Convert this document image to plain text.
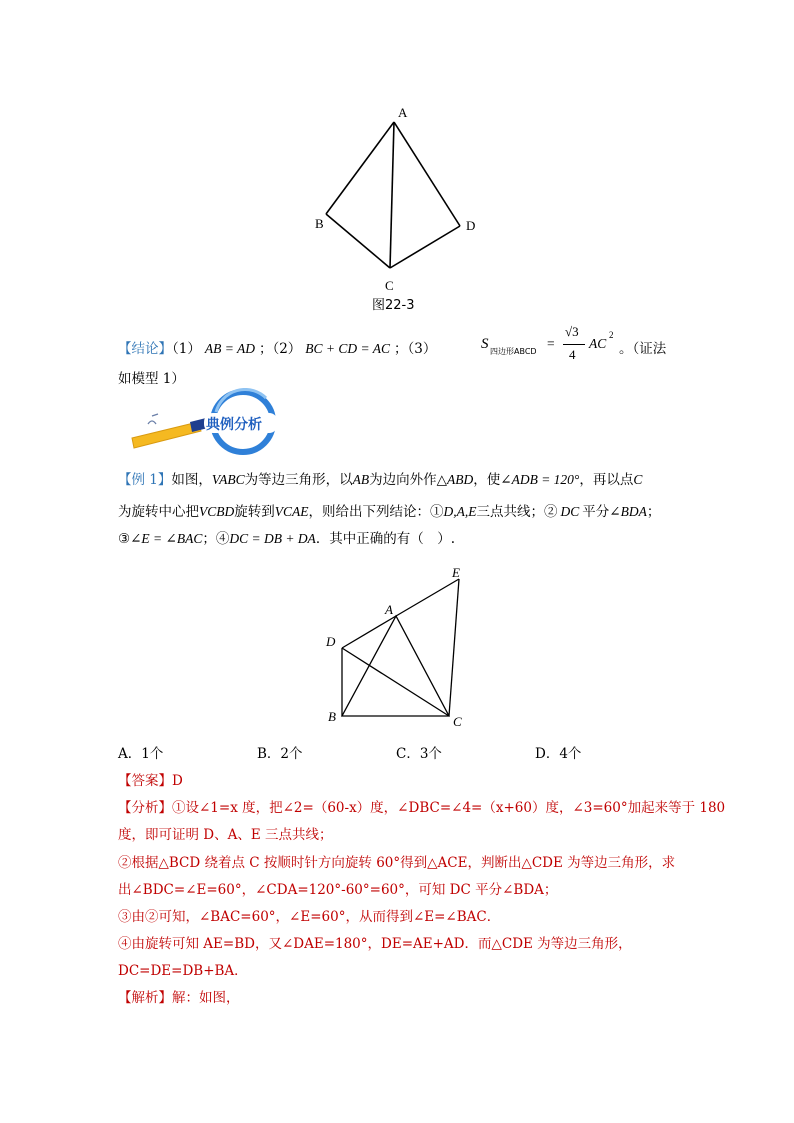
A
B
C
D
图22-3
【结论】（1） AB = AD ；（2） BC + CD = AC ；（3）	S 四边形ABCD
=
√3
4
AC
2
。（证法
如模型 1）
典例分析
【例 1】如图，VABC为等边三角形，以AB为边向外作△ABD，使∠ADB = 120°，再以点C
为旋转中心把VCBD旋转到VCAE，则给出下列结论：①D,A,E三点共线；② DC 平分∠BDA；
③∠E = ∠BAC；④DC = DB + DA．其中正确的有（　）.
A
B	C
D
E
A．1个	B．2个	C．3个	D．4个
【答案】D
【分析】①设∠1=x 度，把∠2=（60-x）度，∠DBC=∠4=（x+60）度，∠3=60°加起来等于 180
度，即可证明 D、A、E 三点共线；
②根据△BCD 绕着点 C 按顺时针方向旋转 60°得到△ACE，判断出△CDE 为等边三角形，求
出∠BDC=∠E=60°，∠CDA=120°-60°=60°，可知 DC 平分∠BDA；
③由②可知，∠BAC=60°，∠E=60°，从而得到∠E=∠BAC．
④由旋转可知 AE=BD，又∠DAE=180°，DE=AE+AD．而△CDE 为等边三角形，
DC=DE=DB+BA．
【解析】解：如图，
